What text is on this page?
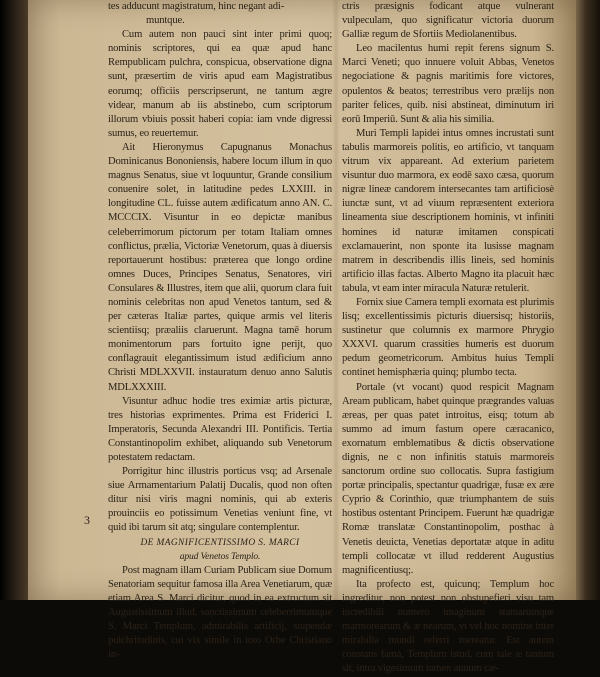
tes adducunt magistratum, hinc negant adi-

muntque.

Cum autem non pauci sint inter primi quoq; nominis scriptores, qui ea quæ apud hanc Rempublicam pulchra, conspicua, observatione digna sunt, præsertim de viris apud eam Magistratibus eorumq; officiis perscripserunt, ne tantum ægre videar, manum ab iis abstinebo, cum scriptorum illorum vbiuis possit haberi copia: iam vnde digressi sumus, eo reuertemur.

Ait Hieronymus Capugnanus Monachus Dominicanus Bononiensis, habere locum illum in quo magnus Senatus, siue vt loquuntur, Grande consilium conuenire solet, in latitudine pedes LXXIII. in longitudine CL. fuisse autem ædificatum anno AN. C. MCCCIX. Visuntur in eo depictæ manibus celeberrimorum pictorum per totam Italiam omnes conflictus, prælia, Victoriæ Venetorum, quas à diuersis reportauerunt hostibus: præterea que longo ordine omnes Duces, Principes Senatus, Senatores, viri Consulares & Illustres, item que alii, quorum clara fuit nominis celebritas non apud Venetos tantum, sed & per cæteras Italiæ partes, quique armis vel literis scientiisq; præaliis claruerunt. Magna tamē horum monimentorum pars fortuito igne perijt, quo conflagrauit elegantissimum istud ædificium anno Christi MDLXXVII. instauratum denuo anno Salutis MDLXXXIII.

Visuntur adhuc hodie tres eximiæ artis picturæ, tres historias exprimentes. Prima est Friderici I. Imperatoris, Secunda Alexandri III. Pontificis. Tertia Constantinopolim exhibet, aliquando sub Venetorum potestatem redactam.

Porrigitur hinc illustris porticus vsq; ad Arsenale siue Armamentarium Palatij Ducalis, quod non often ditur nisi viris magni nominis, qui ab exteris prouinciis eo potissimum Venetias veniunt fine, vt quid ibi tarum sit atq; singulare contemplentur.

DE MAGNIFICENTISSIMO S. MARCI

apud Venetos Templo.

Post magnam illam Curiam Publicam siue Domum Senatoriam sequitur famosa illa Area Venetiarum, quæ etiam Area S. Marci dicitur, quod in ea extructum sit Augustissimum illud, sanctissimum celeberrimumque S. Marci Templum, admirabilis artificij, stupendæ pulchritudinis, cui vix simile in toto Orbe Christiano in-

3

ctris præsignis fodicant atque vulnerant vulpeculam, quo significatur victoria duorum Galliæ regum de Sfortiis Mediolanentibus.

Leo macilentus humi repit ferens signum S. Marci Veneti; quo innuere voluit Abbas, Venetos negociatione & pagnis maritimis fore victores, opulentos & beatos; terrestribus vero prælijs non pariter felices, quib. nisi abstineat, diminutum iri eorū Imperiū. Sunt & alia his similia.

Muri Templi lapidei intus omnes incrustati sunt tabulis marmoreis politis, eo artificio, vt tanquam vitrum vix appareant. Ad exterium parietem visuntur duo marmora, ex eodē saxo cæsa, quorum nigræ lineæ candorem intersecantes tam artificiosè iunctæ sunt, vt ad viuum repræsentent exteriora lineamenta siue descriptionem hominis, vt infiniti homines id naturæ imitamen conspicati exclamauerint, non sponte ita lusisse magnam matrem in describendis illis lineis, sed hominis artificio illas factas. Alberto Magno ita placuit hæc tabula, vt eam inter miracula Naturæ retulerit.

Fornix siue Camera templi exornata est plurimis lisq; excellentissimis picturis diuersisq; historiis, sustinetur que columnis ex marmore Phrygio XXXVI. quarum crassities humeris est duorum pedum geometricorum. Ambitus huius Templi continet hemisphæria quinq; plumbo tecta.

Portale (vt vocant) quod respicit Magnam Aream publicam, habet quinque prægrandes valuas æreas, per quas patet introitus, eisq; totum ab summo ad imum fastum opere cæracanico, exornatum emblematibus & dictis observatione dignis, ne c non infinitis statuis marmoreis sanctorum ordine suo collocatis. Supra fastigium portæ principalis, spectantur quadrigæ, fusæ ex ære Cyprio & Corinthio, quæ triumphantem de suis hostibus ostentant Principem. Fuerunt hæ quadrigæ Romæ translatæ Constantinopolim, posthac à Venetis deuicta, Venetias deportatæ atque in aditu templi collocatæ vt illud redderent Augustius magnificentiusq;.

Ita profecto est, quicunq; Templum hoc ingreditur, non potest non obstupefieri visu tam incredibili numero imaginum statuarumque marmorearum & æ nearum, vt vel hoc nomine inter mirabilia mundi referri mereatur. Est autem constans fama, Templum istud, cum tale æ tantum sit, intra vigesimum tamen annum cæ-
